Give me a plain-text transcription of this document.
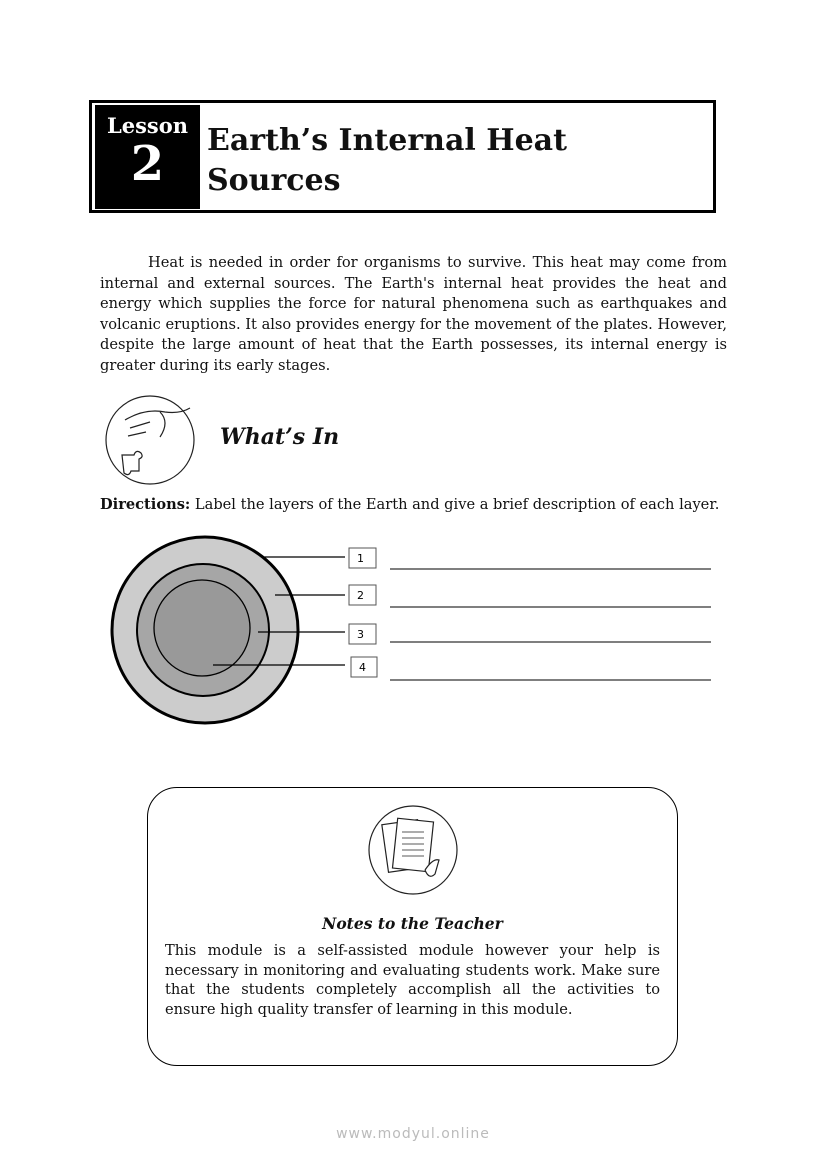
Lesson
2	Earth’s Internal Heat
Sources
Heat is needed in order for organisms to survive. This heat may come from internal and external sources. The Earth's internal heat provides the heat and energy which supplies the force for natural phenomena such as earthquakes and volcanic eruptions. It also provides energy for the movement of the plates. However, despite the large amount of heat that the Earth possesses, its internal energy is greater during its early stages.
1
2
3
4
What’s In
Directions: Label the layers of the Earth and give a brief description of each layer.
Notes to the Teacher
This module is a self-assisted module however your help is necessary in monitoring and evaluating students work. Make sure that the students completely accomplish all the activities to ensure high quality transfer of learning in this module.
www.modyul.online
